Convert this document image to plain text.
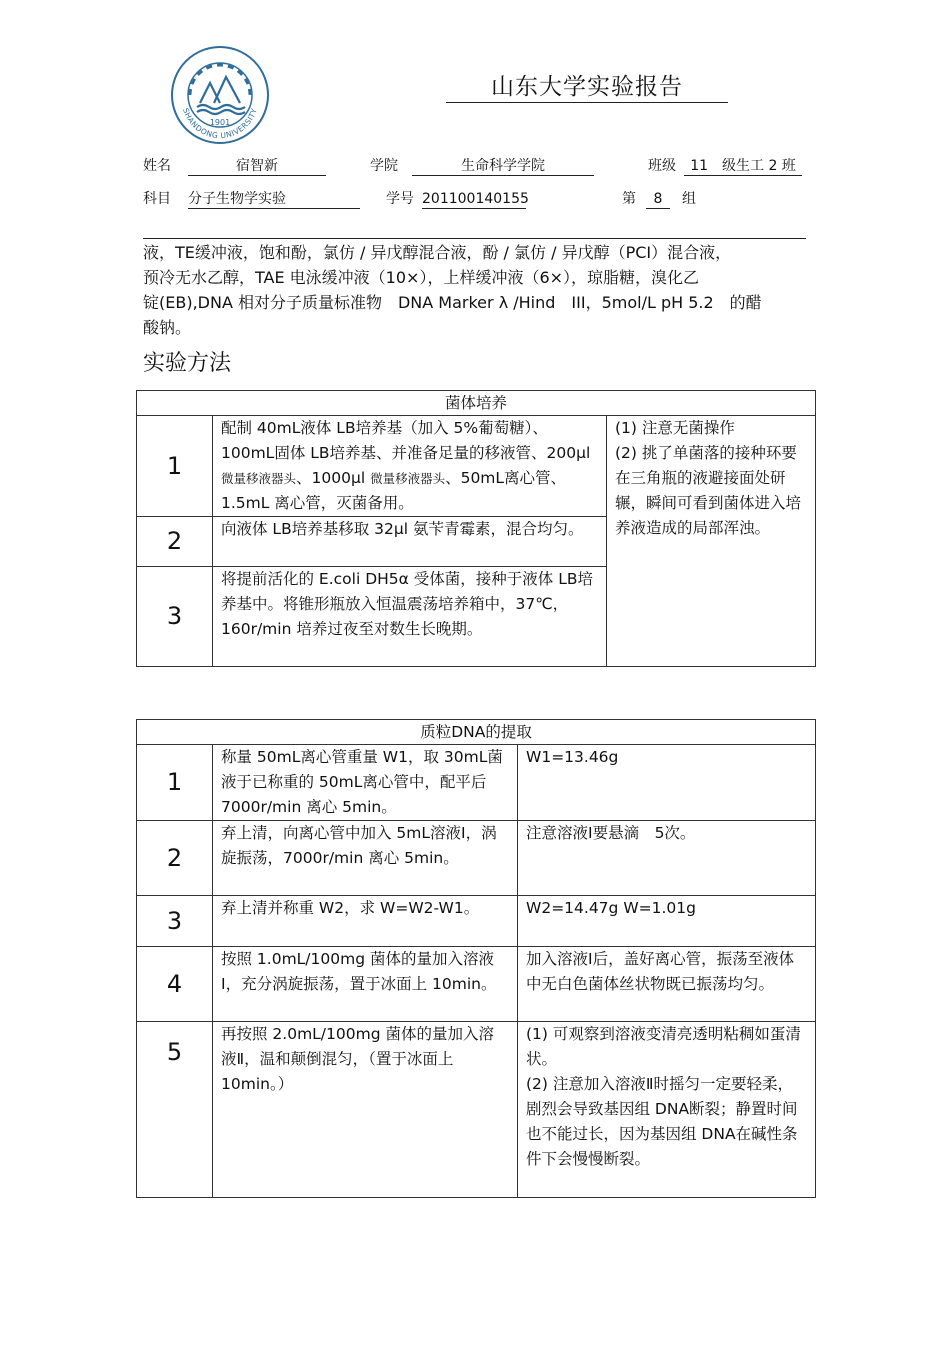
1901
SHANDONG UNIVERSITY
山东大学实验报告
姓名	宿智新	学院	生命科学学院	班级	11　级生工 2 班
科目 分子生物学实验	学号 201100140155	第	8	组

液，TE缓冲液，饱和酚，氯仿 / 异戊醇混合液，酚 / 氯仿 / 异戊醇（PCI）混合液，

预冷无水乙醇，TAE 电泳缓冲液（10×），上样缓冲液（6×），琼脂糖，溴化乙

锭(EB),DNA 相对分子质量标准物　DNA Marker λ /Hind　III，5mol/L pH 5.2　的醋

酸钠。

实验方法
菌体培养		
1	配制 40mL液体 LB培养基（加入 5%葡萄糖）、100mL固体 LB培养基、并准备足量的移液管、200μl 微量移液器头、1000μl 微量移液器头、50mL离心管、1.5mL 离心管，灭菌备用。	(1) 注意无菌操作
(2) 挑了单菌落的接种环要在三角瓶的液避接面处研辗，瞬间可看到菌体进入培养液造成的局部浑浊。

2	向液体 LB培养基移取 32μl 氨苄青霉素，混合均匀。	
3	将提前活化的 E.coli DH5α 受体菌，接种于液体 LB培养基中。将锥形瓶放入恒温震荡培养箱中，37℃，160r/min 培养过夜至对数生长晚期。	
质粒DNA的提取		
1	称量 50mL离心管重量 W1，取 30mL菌液于已称重的 50mL离心管中，配平后 7000r/min 离心 5min。	W1=13.46g
2	弃上清，向离心管中加入 5mL溶液Ⅰ，涡旋振荡，7000r/min 离心 5min。	注意溶液Ⅰ要悬滴　5次。
3	弃上清并称重 W2，求 W=W2-W1。	W2=14.47g W=1.01g
4	按照 1.0mL/100mg 菌体的量加入溶液Ⅰ，充分涡旋振荡，置于冰面上 10min。	加入溶液Ⅰ后，盖好离心管，振荡至液体中无白色菌体丝状物既已振荡均匀。
5	再按照 2.0mL/100mg 菌体的量加入溶液Ⅱ，温和颠倒混匀，（置于冰面上 10min。）	(1) 可观察到溶液变清亮透明粘稠如蛋清状。
(2) 注意加入溶液Ⅱ时摇匀一定要轻柔，剧烈会导致基因组 DNA断裂；静置时间也不能过长，因为基因组 DNA在碱性条件下会慢慢断裂。
